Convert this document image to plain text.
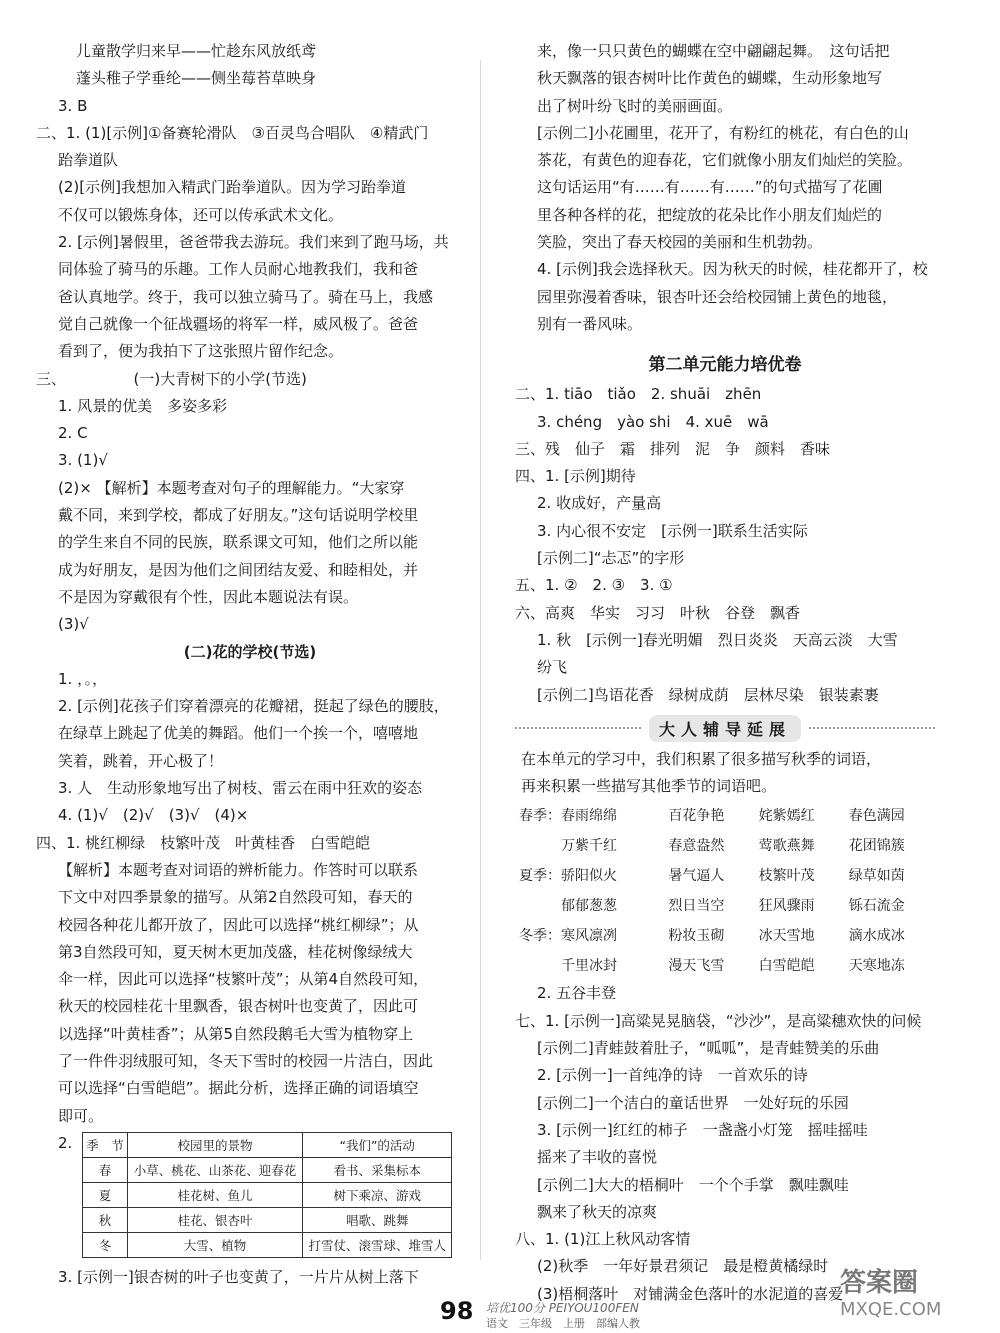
儿童散学归来早——忙趁东风放纸鸢
蓬头稚子学垂纶——侧坐莓苔草映身
3. B
二、1. (1)[示例]①备赛轮滑队　③百灵鸟合唱队　④精武门
跆拳道队
(2)[示例]我想加入精武门跆拳道队。因为学习跆拳道
不仅可以锻炼身体，还可以传承武术文化。
2. [示例]暑假里，爸爸带我去游玩。我们来到了跑马场，共
同体验了骑马的乐趣。工作人员耐心地教我们，我和爸
爸认真地学。终于，我可以独立骑马了。骑在马上，我感
觉自己就像一个征战疆场的将军一样，威风极了。爸爸
看到了，便为我拍下了这张照片留作纪念。
三、　　　　　(一)大青树下的小学(节选)
1. 风景的优美　多姿多彩
2. C
3. (1)√
(2)× 【解析】本题考查对句子的理解能力。“大家穿
戴不同，来到学校，都成了好朋友。”这句话说明学校里
的学生来自不同的民族，联系课文可知，他们之所以能
成为好朋友，是因为他们之间团结友爱、和睦相处，并
不是因为穿戴很有个性，因此本题说法有误。
(3)√
(二)花的学校(节选)
1. ，。，
2. [示例]花孩子们穿着漂亮的花瓣裙，挺起了绿色的腰肢，
在绿草上跳起了优美的舞蹈。他们一个挨一个，嘻嘻地
笑着，跳着，开心极了！
3. 人　生动形象地写出了树枝、雷云在雨中狂欢的姿态
4. (1)√　(2)√　(3)√　(4)×
四、1. 桃红柳绿　枝繁叶茂　叶黄桂香　白雪皑皑
【解析】本题考查对词语的辨析能力。作答时可以联系
下文中对四季景象的描写。从第2自然段可知，春天的
校园各种花儿都开放了，因此可以选择“桃红柳绿”；从
第3自然段可知，夏天树木更加茂盛，桂花树像绿绒大
伞一样，因此可以选择“枝繁叶茂”；从第4自然段可知，
秋天的校园桂花十里飘香，银杏树叶也变黄了，因此可
以选择“叶黄桂香”；从第5自然段鹅毛大雪为植物穿上
了一件件羽绒服可知，冬天下雪时的校园一片洁白，因此
可以选择“白雪皑皑”。据此分析，选择正确的词语填空
即可。
2. 季　节	校园里的景物	“我们”的活动
春	小草、桃花、山茶花、迎春花	看书、采集标本
夏	桂花树、鱼儿	树下乘凉、游戏
秋	桂花、银杏叶	唱歌、跳舞
冬	大雪、植物	打雪仗、滚雪球、堆雪人
3. [示例一]银杏树的叶子也变黄了，一片片从树上落下
来，像一只只黄色的蝴蝶在空中翩翩起舞。　这句话把
秋天飘落的银杏树叶比作黄色的蝴蝶，生动形象地写
出了树叶纷飞时的美丽画面。
[示例二]小花圃里，花开了，有粉红的桃花，有白色的山
茶花，有黄色的迎春花，它们就像小朋友们灿烂的笑脸。
这句话运用“有……有……有……”的句式描写了花圃
里各种各样的花，把绽放的花朵比作小朋友们灿烂的
笑脸，突出了春天校园的美丽和生机勃勃。
4. [示例]我会选择秋天。因为秋天的时候，桂花都开了，校
园里弥漫着香味，银杏叶还会给校园铺上黄色的地毯，
别有一番风味。
第二单元能力培优卷
二、1. tiāo　tiǎo　2. shuāi　zhēn
3. chéng　yào shi　4. xuē　wā
三、残　仙子　霜　排列　泥　争　颜料　香味
四、1. [示例]期待
2. 收成好，产量高
3. 内心很不安定　[示例一]联系生活实际
[示例二]“忐忑”的字形
五、1. ②　2. ③　3. ①
六、高爽　华实　习习　叶秋　谷登　飘香
1. 秋　[示例一]春光明媚　烈日炎炎　天高云淡　大雪
纷飞
[示例二]鸟语花香　绿树成荫　层林尽染　银装素裹
大人辅导延展
在本单元的学习中，我们积累了很多描写秋季的词语，
再来积累一些描写其他季节的词语吧。
春季：春雨绵绵	百花争艳	姹紫嫣红	春色满园
　　　万紫千红	春意盎然	莺歌燕舞	花团锦簇
夏季：骄阳似火	暑气逼人	枝繁叶茂	绿草如茵
　　　郁郁葱葱	烈日当空	狂风骤雨	铄石流金
冬季：寒风凛冽	粉妆玉砌	冰天雪地	滴水成冰
　　　千里冰封	漫天飞雪	白雪皑皑	天寒地冻
2. 五谷丰登
七、1. [示例一]高粱晃晃脑袋，“沙沙”，是高粱穗欢快的问候
[示例二]青蛙鼓着肚子，“呱呱”，是青蛙赞美的乐曲
2. [示例一]一首纯净的诗　一首欢乐的诗
[示例二]一个洁白的童话世界　一处好玩的乐园
3. [示例一]红红的柿子　一盏盏小灯笼　摇哇摇哇
摇来了丰收的喜悦
[示例二]大大的梧桐叶　一个个手掌　飘哇飘哇
飘来了秋天的凉爽
八、1. (1)江上秋风动客情
(2)秋季　一年好景君须记　最是橙黄橘绿时
(3)梧桐落叶　对铺满金色落叶的水泥道的喜爱
98 培优100分 PEIYOU100FEN
语文　三年级　上册　部编人教
答案圈
MXQE.COM
